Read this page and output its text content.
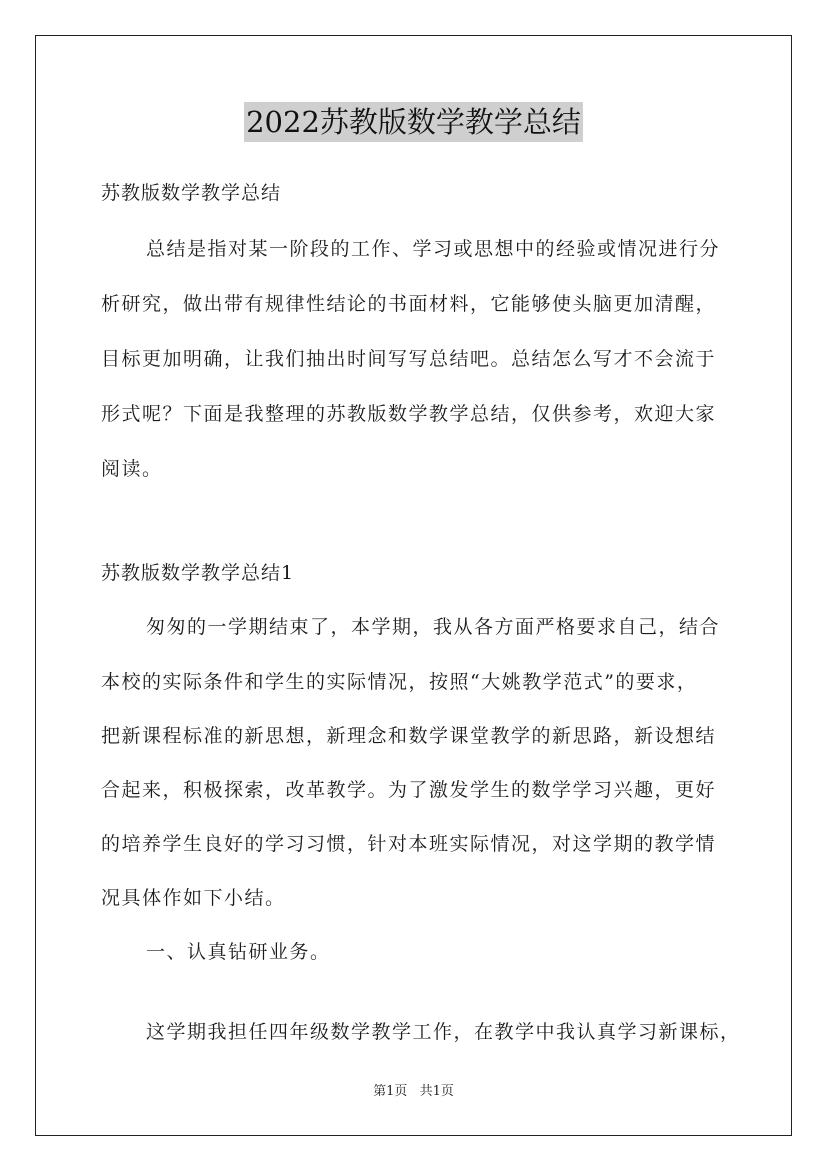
2022苏教版数学教学总结
苏教版数学教学总结
总结是指对某一阶段的工作、学习或思想中的经验或情况进行分
析研究，做出带有规律性结论的书面材料，它能够使头脑更加清醒，
目标更加明确，让我们抽出时间写写总结吧。总结怎么写才不会流于
形式呢？下面是我整理的苏教版数学教学总结，仅供参考，欢迎大家
阅读。
苏教版数学教学总结1
匆匆的一学期结束了，本学期，我从各方面严格要求自己，结合
本校的实际条件和学生的实际情况，按照“大姚教学范式”的要求，
把新课程标准的新思想，新理念和数学课堂教学的新思路，新设想结
合起来，积极探索，改革教学。为了激发学生的数学学习兴趣，更好
的培养学生良好的学习习惯，针对本班实际情况，对这学期的教学情
况具体作如下小结。
一、认真钻研业务。
这学期我担任四年级数学教学工作，在教学中我认真学习新课标，
第1页 共1页
